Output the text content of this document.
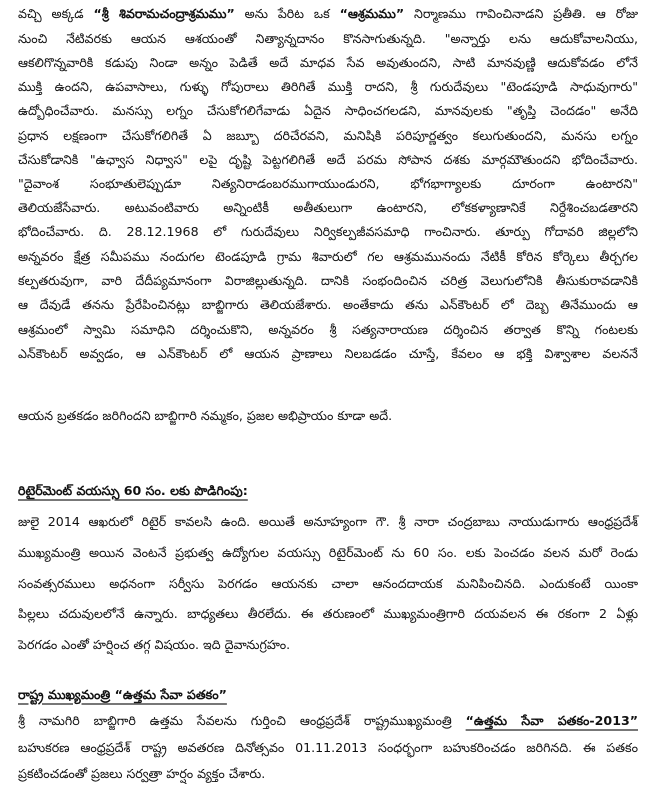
వచ్చి అక్కడ “శ్రీ శివరామచంద్రాశ్రమము” అను పేరిట ఒక “ఆశ్రమము” నిర్మాణము గావించినాడని ప్రతీతి. ఆ రోజు
నుంచి నేటివరకు ఆయన ఆశయంతో నిత్యాన్నదానం కొనసాగుతున్నది. "అన్నార్తు లను ఆదుకోవాలనియు,
ఆకలిగొన్నవారికి కడుపు నిండా అన్నం పెడితే అదే మాధవ సేవ అవుతుందని, సాటి మానవుణ్ణి ఆదుకోవడం లోనే
ముక్తి ఉందని, ఉపవాసాలు, గుళ్ళు గోపురాలు తిరిగితే ముక్తి రాదని, శ్రీ గురుదేవులు "టెండపూడి సాధువుగారు"
ఉద్బోధించేవారు. మనస్సు లగ్నం చేసుకోగలిగేవాడు ఏదైన సాధించగలడని, మానవులకు "తృప్తి చెందడం" అనేది
ప్రధాన లక్షణంగా చేసుకోగలిగితే ఏ జబ్బూ దరిచేరవని, మనిషికి పరిపూర్ణత్వం కలుగుతుందని, మనసు లగ్నం
చేసుకోడానికి "ఉఛ్వాస నిధ్వాస" లపై దృష్టి పెట్టగలిగితే అదే పరమ సోపాన దశకు మార్గమౌతుందని భోదించేవారు.
"దైవాంశ సంభూతులెప్పుడూ నిత్యనిరాడంబరముగాయుండురని, భోగభాగ్యాలకు దూరంగా ఉంటారని"
తెలియజేసేవారు. అటువంటివారు అన్నింటికీ అతీతులుగా ఉంటారని, లోకకళ్యాణానికే నిర్దేశించబడతారని
భోదించేవారు. ది. 28.12.1968 లో గురుదేవులు నిర్వికల్పజీవసమాధి గాంచినారు. తూర్పు గోదావరి జిల్లలోని
అన్నవరం క్షేత్ర సమీపము నందుగల టెండపూడి గ్రామ శివారులో గల ఆశ్రమమునందు నేటికీ కోరిన కోర్కెలు తీర్చగల
కల్పతరువుగా, వారి దేదీప్యమానంగా విరాజిల్లుతున్నది. దానికి సంభందించిన చరిత్ర వెలుగులోనికి తీసుకురావడానికి
ఆ దేవుడే తనను ప్రేరేపించినట్లు బాబ్జిగారు తెలియజేశారు. అంతేకాదు తను ఎన్‌కౌంటర్ లో దెబ్బ తినేముందు ఆ
ఆశ్రమంలో స్వామి సమాధిని దర్శించుకొని, అన్నవరం శ్రీ సత్యనారాయణ దర్శించిన తర్వాత కొన్ని గంటలకు
ఎన్‌కౌంటర్ అవ్వడం, ఆ ఎన్‌కౌంటర్ లో ఆయన ప్రాణాలు నిలబడడం చూస్తే, కేవలం ఆ భక్తి విశ్వాశాల వలననే
ఆయన బ్రతకడం జరిగిందని బాబ్జిగారి నమ్మకం, ప్రజల అభిప్రాయం కూడా అదే.
రిటైర్‌మెంట్ వయస్సు 60 సం. లకు పొడిగింపు:
జులై 2014 ఆఖరులో రిటైర్ కావలసి ఉంది. అయితే అనూహ్యంగా గౌ. శ్రీ నారా చంద్రబాబు నాయుడుగారు ఆంధ్రప్రదేశ్
ముఖ్యమంత్రి అయిన వెంటనే ప్రభుత్వ ఉద్యోగుల వయస్సు రిటైర్‌మెంట్ ను 60 సం. లకు పెంచడం వలన మరో రెండు
సంవత్సరములు అధనంగా సర్వీసు పెరగడం ఆయనకు చాలా ఆనందదాయక మనిపించినది. ఎందుకంటే యింకా
పిల్లలు చదువులలోనే ఉన్నారు. బాధ్యతలు తీరలేదు. ఈ తరుణంలో ముఖ్యమంత్రిగారి దయవలన ఈ రకంగా 2 ఏళ్లు
పెరగడం ఎంతో హర్షించ తగ్గ విషయం. ఇది దైవానుగ్రహం.
రాష్ట్ర ముఖ్యమంత్రి “ఉత్తమ సేవా పతకం”
శ్రీ నామగిరి బాబ్జిగారి ఉత్తమ సేవలను గుర్తించి ఆంధ్రప్రదేశ్ రాష్ట్రముఖ్యమంత్రి “ఉత్తమ సేవా పతకం-2013”
బహుకరణ ఆంధ్రప్రదేశ్ రాష్ట్ర అవతరణ దినోత్సవం 01.11.2013 సంధర్భంగా బహుకరించడం జరిగినది. ఈ పతకం
ప్రకటించడంతో ప్రజలు సర్వత్రా హర్షం వ్యక్తం చేశారు.
